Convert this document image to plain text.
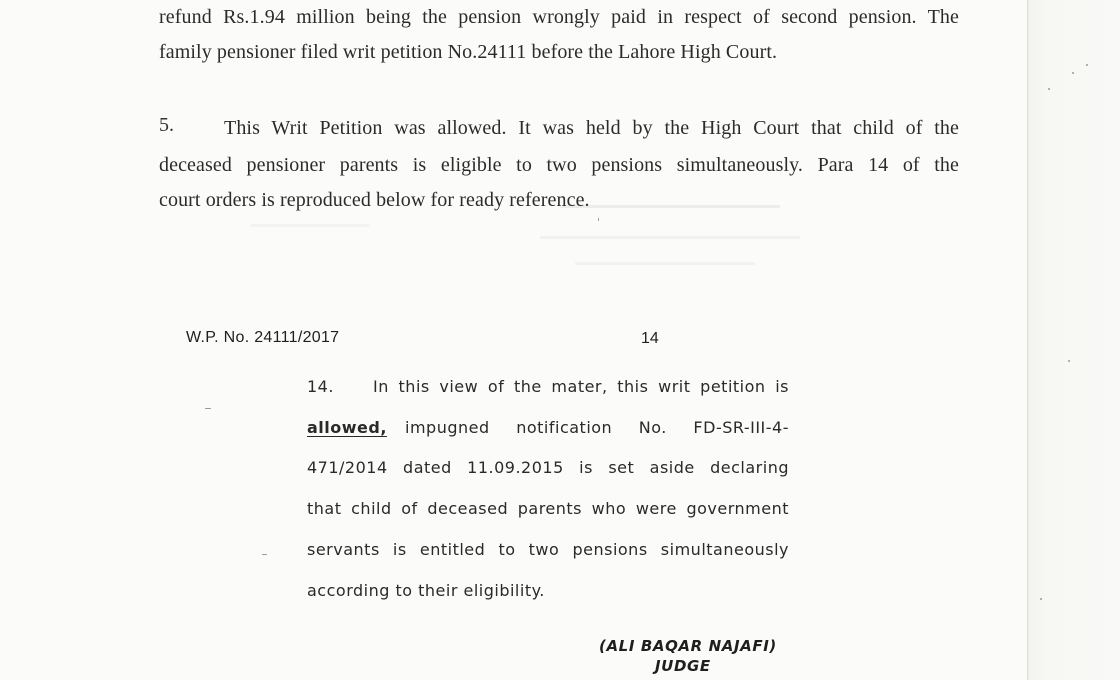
refund Rs.1.94 million being the pension wrongly paid in respect of second pension. The
family pensioner filed writ petition No.24111 before the Lahore High Court.
5.	This Writ Petition was allowed. It was held by the High Court that child of the
deceased pensioner parents is eligible to two pensions simultaneously. Para 14 of the
court orders is reproduced below for ready reference.
W.P. No. 24111/2017	14
14. In this view of the mater, this writ petition is
allowed, impugned notification No. FD-SR-III-4-
471/2014 dated 11.09.2015 is set aside declaring
that child of deceased parents who were government
servants is entitled to two pensions simultaneously
according to their eligibility.
(ALI BAQAR NAJAFI)
JUDGE
